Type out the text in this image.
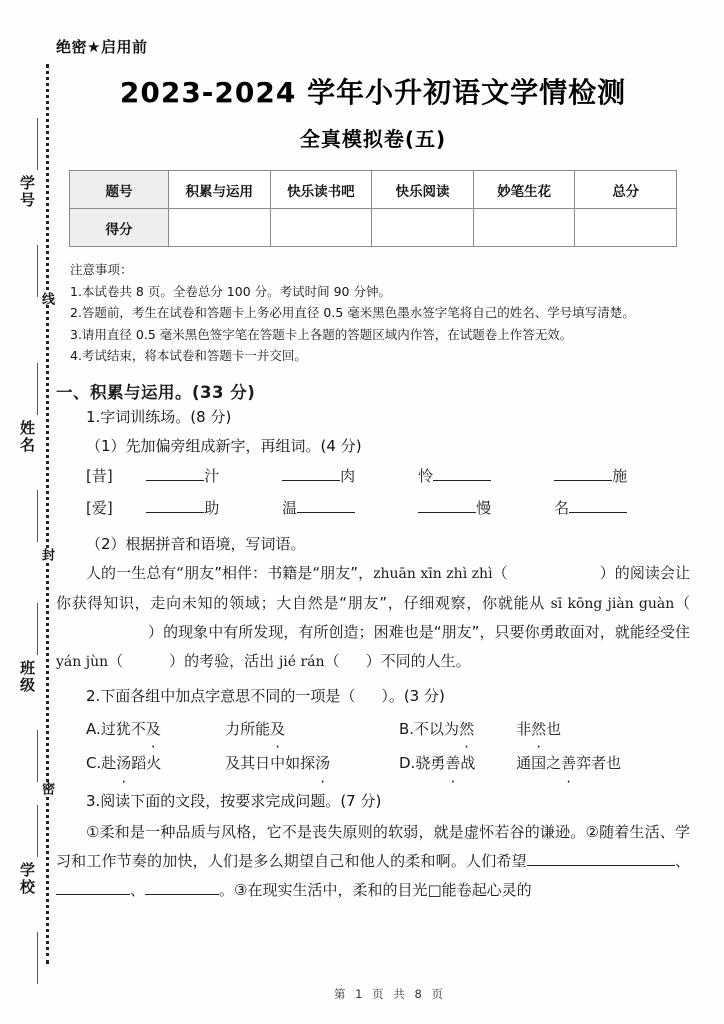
学号
姓名
班级
学校
线
封
密
绝密★启用前
2023-2024 学年小升初语文学情检测
全真模拟卷(五)
题号	积累与运用	快乐读书吧	快乐阅读	妙笔生花	总分
得分					
注意事项：
1.本试卷共 8 页。全卷总分 100 分。考试时间 90 分钟。
2.答题前，考生在试卷和答题卡上务必用直径 0.5 毫米黑色墨水签字笔将自己的姓名、学号填写清楚。
3.请用直径 0.5 毫米黑色签字笔在答题卡上各题的答题区域内作答，在试题卷上作答无效。
4.考试结束，将本试卷和答题卡一并交回。
一、积累与运用。(33 分)
1.字词训练场。(8 分)
（1）先加偏旁组成新字，再组词。(4 分)
[昔]	汁	肉	怜	施
[爱]	助	温	慢	名
（2）根据拼音和语境，写词语。
人的一生总有“朋友”相伴：书籍是“朋友”，zhuān xīn zhì zhì（	）的阅读会让你获得知识，走向未知的领域；大自然是“朋友”，仔细观察，你就能从 sī kōng jiàn guàn（）的现象中有所发现，有所创造；困难也是“朋友”，只要你勇敢面对，就能经受住 yán jùn（	）的考验，活出 jié rán（ ）不同的人生。
2.下面各组中加点字意思不同的一项是（ ）。(3 分)
A.过犹不及	力所能及	B.不以为然	非然也
C.赴汤蹈火	及其日中如探汤	D.骁勇善战	通国之善弈者也
3.阅读下面的文段，按要求完成问题。(7 分)
①柔和是一种品质与风格，它不是丧失原则的软弱，就是虚怀若谷的谦逊。②随着生活、学习和工作节奏的加快，人们是多么期望自己和他人的柔和啊。人们希望	、、	。③在现实生活中，柔和的目光□能卷起心灵的
第 1 页 共 8 页
